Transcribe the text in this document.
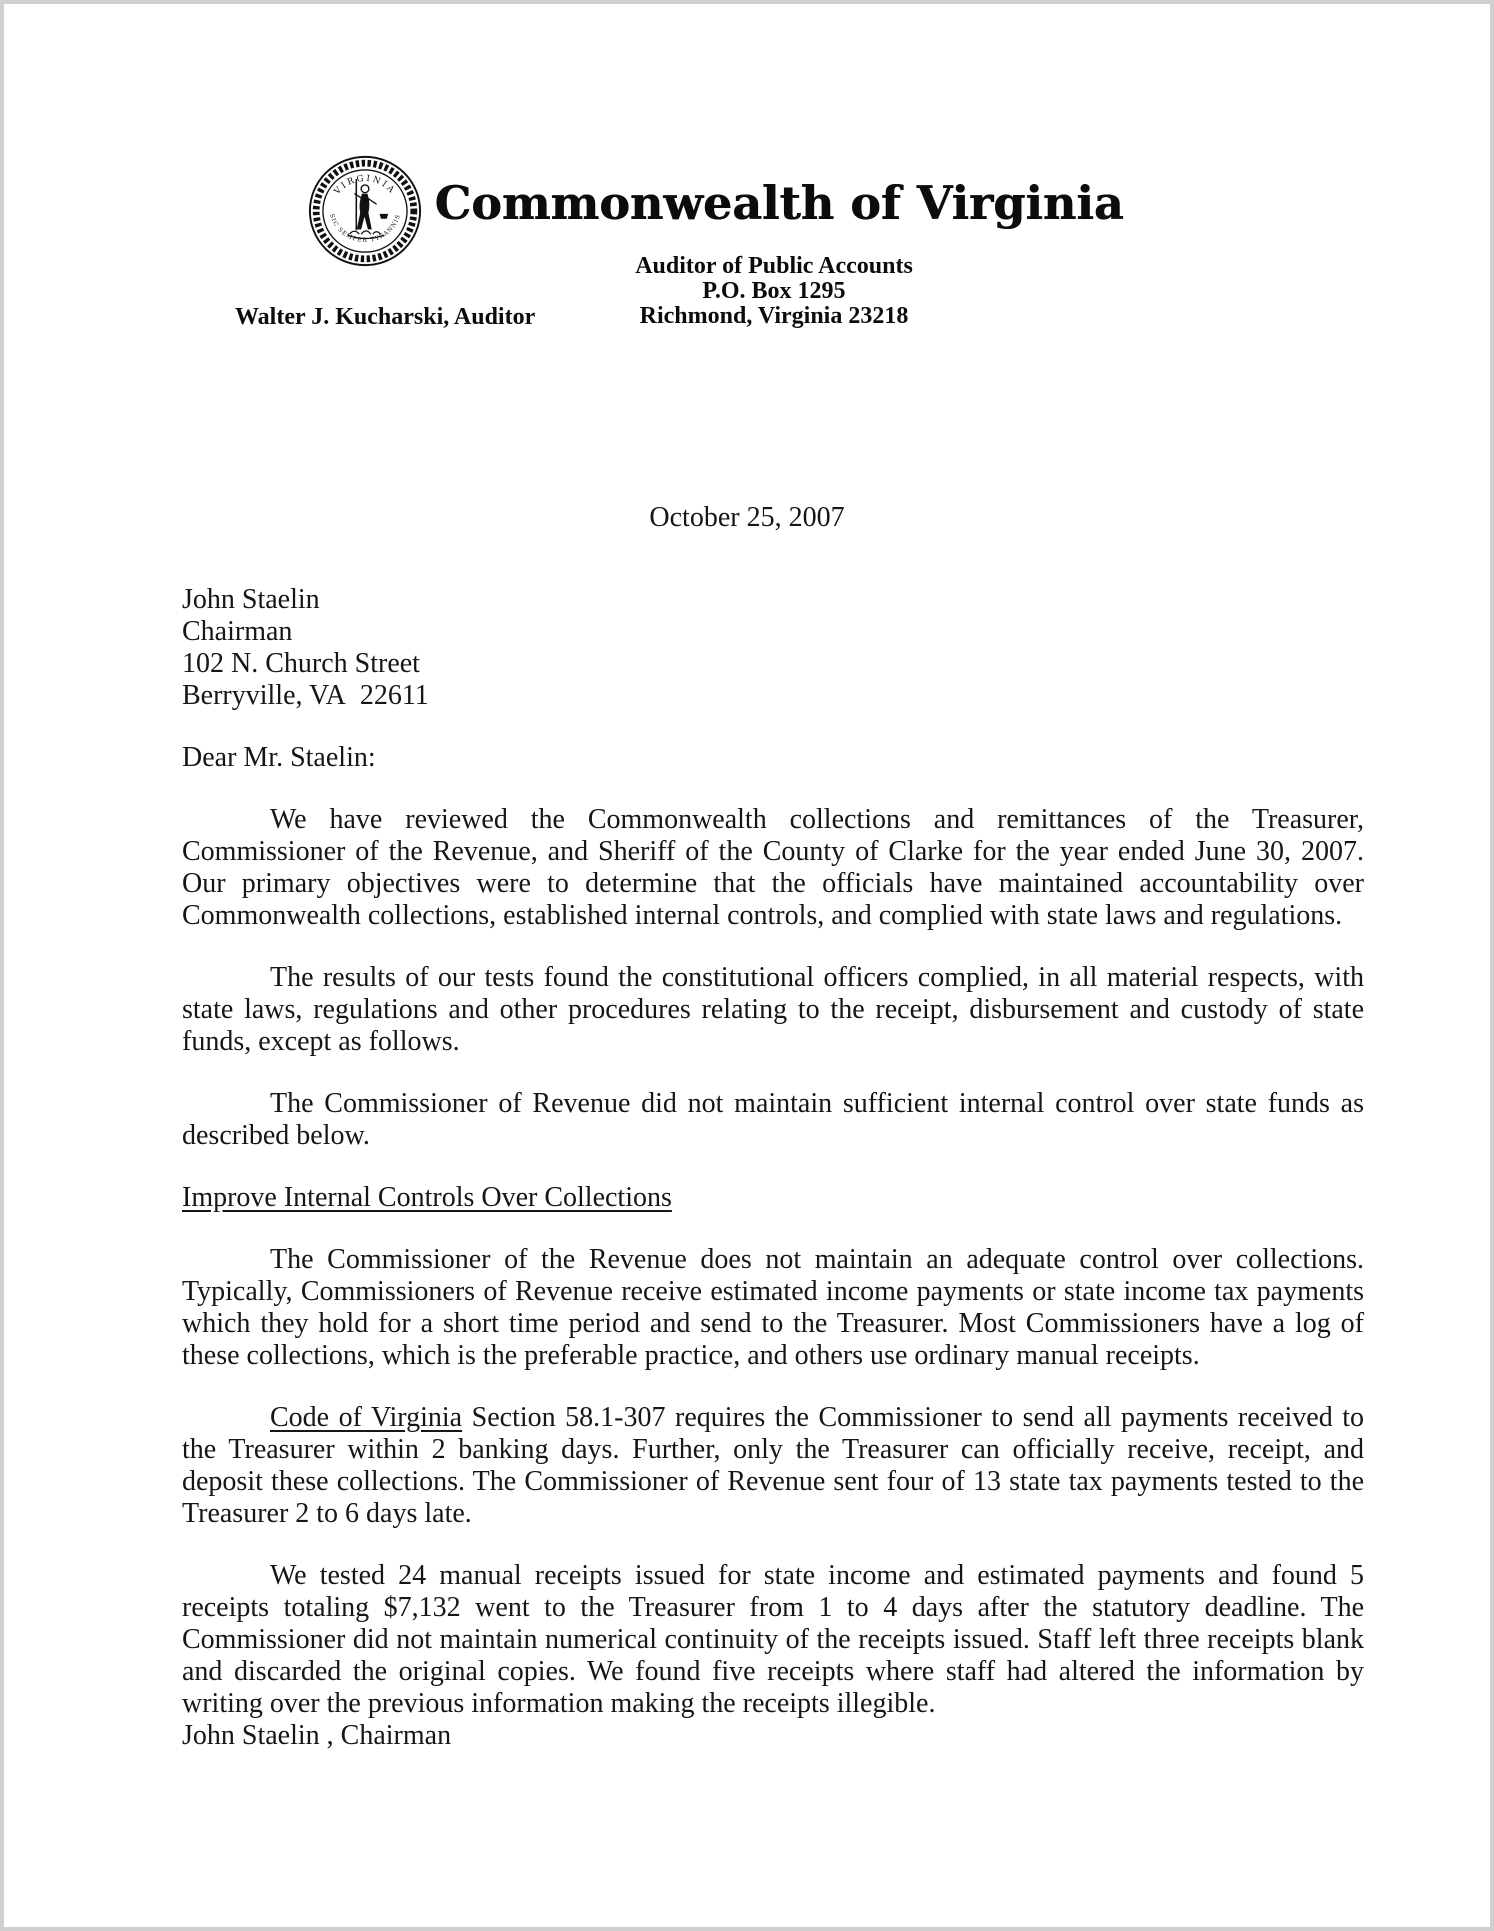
VIRGINIA
SIC SEMPER TYRANNIS Commonwealth of Virginia
Auditor of Public Accounts
P.O. Box 1295
Richmond, Virginia 23218
Walter J. Kucharski, Auditor
October 25, 2007
John Staelin
Chairman
102 N. Church Street
Berryville, VA  22611

Dear Mr. Staelin:

We have reviewed the Commonwealth collections and remittances of the Treasurer, Commissioner of the Revenue, and Sheriff of the County of Clarke for the year ended June 30, 2007. Our primary objectives were to determine that the officials have maintained accountability over Commonwealth collections, established internal controls, and complied with state laws and regulations.

The results of our tests found the constitutional officers complied, in all material respects, with state laws, regulations and other procedures relating to the receipt, disbursement and custody of state funds, except as follows.

The Commissioner of Revenue did not maintain sufficient internal control over state funds as described below.

Improve Internal Controls Over Collections

The Commissioner of the Revenue does not maintain an adequate control over collections. Typically, Commissioners of Revenue receive estimated income payments or state income tax payments which they hold for a short time period and send to the Treasurer. Most Commissioners have a log of these collections, which is the preferable practice, and others use ordinary manual receipts.

Code of Virginia Section 58.1-307 requires the Commissioner to send all payments received to the Treasurer within 2 banking days. Further, only the Treasurer can officially receive, receipt, and deposit these collections. The Commissioner of Revenue sent four of 13 state tax payments tested to the Treasurer 2 to 6 days late.

We tested 24 manual receipts issued for state income and estimated payments and found 5 receipts totaling $7,132 went to the Treasurer from 1 to 4 days after the statutory deadline. The Commissioner did not maintain numerical continuity of the receipts issued. Staff left three receipts blank and discarded the original copies. We found five receipts where staff had altered the information by writing over the previous information making the receipts illegible.

John Staelin , Chairman
